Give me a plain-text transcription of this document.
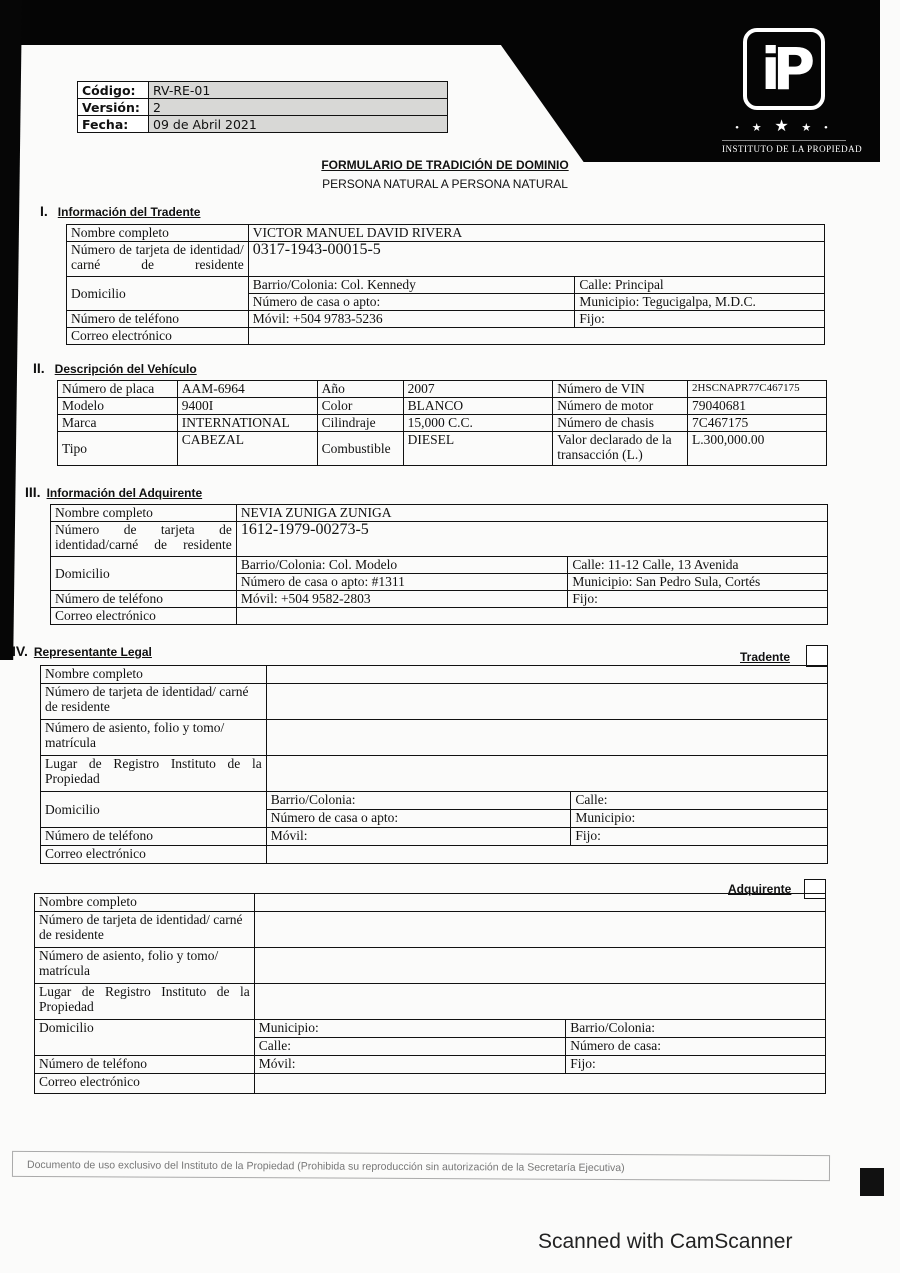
iP
• ★ ★ ★ •
INSTITUTO DE LA PROPIEDAD
Código:	RV-RE-01
Versión:	2
Fecha:	09 de Abril 2021
FORMULARIO DE TRADICIÓN DE DOMINIO
PERSONA NATURAL A PERSONA NATURAL
I. Información del Tradente
Nombre completo	VICTOR MANUEL DAVID RIVERA	
Número de tarjeta de identidad/ carné de residente	0317-1943-00015-5	
Domicilio	Barrio/Colonia: Col. Kennedy	Calle: Principal
	Número de casa o apto:	Municipio: Tegucigalpa, M.D.C.
Número de teléfono	Móvil: +504 9783-5236	Fijo:
Correo electrónico		
II. Descripción del Vehículo
Número de placa	AAM-6964	Año	2007	Número de VIN	2HSCNAPR77C467175
Modelo	9400I	Color	BLANCO	Número de motor	79040681
Marca	INTERNATIONAL	Cilindraje	15,000 C.C.	Número de chasis	7C467175
Tipo	CABEZAL	Combustible	DIESEL	Valor declarado de la transacción (L.)	L.300,000.00
III. Información del Adquirente
Nombre completo	NEVIA ZUNIGA ZUNIGA	
Número de tarjeta de identidad/carné de residente	1612-1979-00273-5	
Domicilio	Barrio/Colonia: Col. Modelo	Calle: 11-12 Calle, 13 Avenida
	Número de casa o apto: #1311	Municipio: San Pedro Sula, Cortés
Número de teléfono	Móvil: +504 9582-2803	Fijo:
Correo electrónico		
IV. Representante Legal	Tradente
Nombre completo		
Número de tarjeta de identidad/ carné de residente		
Número de asiento, folio y tomo/ matrícula		
Lugar de Registro Instituto de la Propiedad		
Domicilio	Barrio/Colonia:	Calle:
	Número de casa o apto:	Municipio:
Número de teléfono	Móvil:	Fijo:
Correo electrónico		
Adquirente
Nombre completo		
Número de tarjeta de identidad/ carné de residente		
Número de asiento, folio y tomo/ matrícula		
Lugar de Registro Instituto de la Propiedad		
Domicilio	Municipio:	Barrio/Colonia:
	Calle:	Número de casa:
Número de teléfono	Móvil:	Fijo:
Correo electrónico		
Documento de uso exclusivo del Instituto de la Propiedad (Prohibida su reproducción sin autorización de la Secretaría Ejecutiva)
Scanned with CamScanner
